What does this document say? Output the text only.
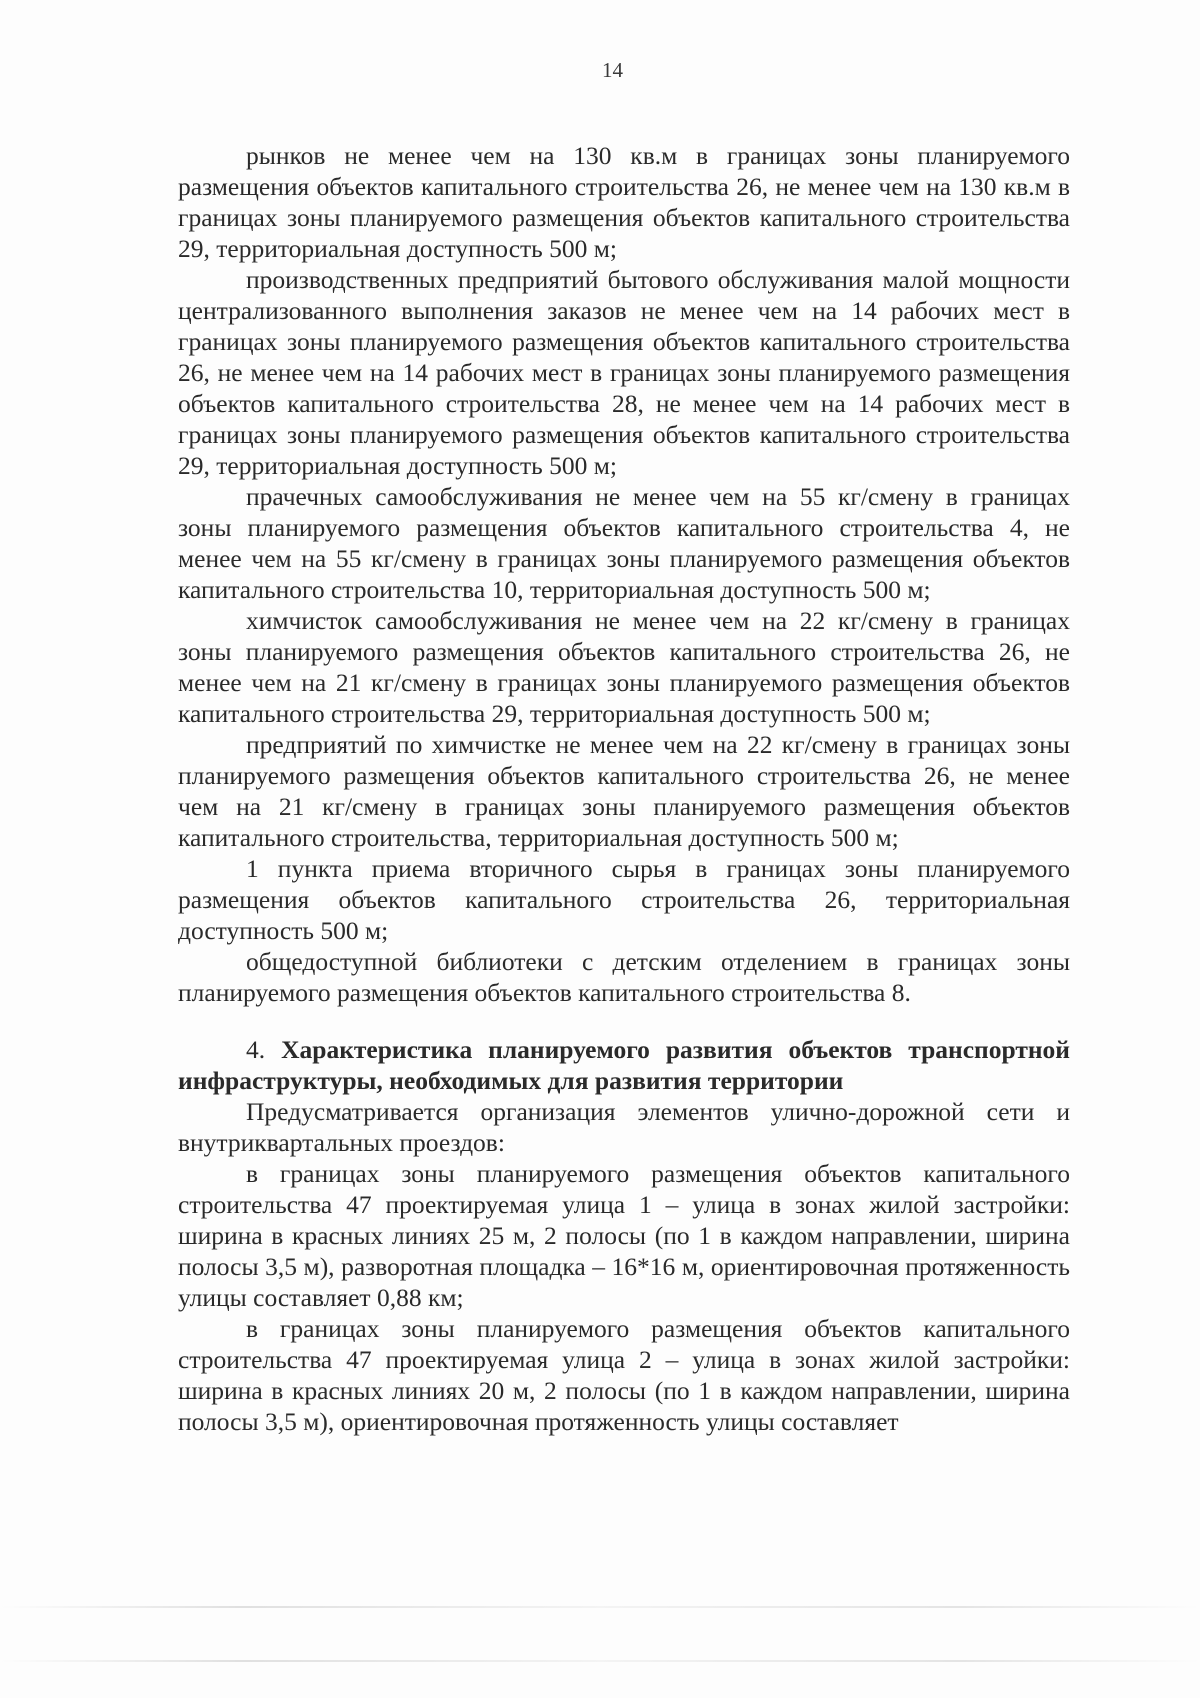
14

рынков не менее чем на 130 кв.м в границах зоны планируемого размещения объектов капитального строительства 26, не менее чем на 130 кв.м в границах зоны планируемого размещения объектов капитального строительства 29, территориальная доступность 500 м;

производственных предприятий бытового обслуживания малой мощности централизованного выполнения заказов не менее чем на 14 рабочих мест в границах зоны планируемого размещения объектов капитального строительства 26, не менее чем на 14 рабочих мест в границах зоны планируемого размещения объектов капитального строительства 28, не менее чем на 14 рабочих мест в границах зоны планируемого размещения объектов капитального строительства 29, территориальная доступность 500 м;

прачечных самообслуживания не менее чем на 55 кг/смену в границах зоны планируемого размещения объектов капитального строительства 4, не менее чем на 55 кг/смену в границах зоны планируемого размещения объектов капитального строительства 10, территориальная доступность 500 м;

химчисток самообслуживания не менее чем на 22 кг/смену в границах зоны планируемого размещения объектов капитального строительства 26, не менее чем на 21 кг/смену в границах зоны планируемого размещения объектов капитального строительства 29, территориальная доступность 500 м;

предприятий по химчистке не менее чем на 22 кг/смену в границах зоны планируемого размещения объектов капитального строительства 26, не менее чем на 21 кг/смену в границах зоны планируемого размещения объектов капитального строительства, территориальная доступность 500 м;

1 пункта приема вторичного сырья в границах зоны планируемого размещения объектов капитального строительства 26, территориальная доступность 500 м;

общедоступной библиотеки с детским отделением в границах зоны планируемого размещения объектов капитального строительства 8.

4. Характеристика планируемого развития объектов транспортной инфраструктуры, необходимых для развития территории

Предусматривается организация элементов улично-дорожной сети и внутриквартальных проездов:

в границах зоны планируемого размещения объектов капитального строительства 47 проектируемая улица 1 – улица в зонах жилой застройки: ширина в красных линиях 25 м, 2 полосы (по 1 в каждом направлении, ширина полосы 3,5 м), разворотная площадка – 16*16 м, ориентировочная протяженность улицы составляет 0,88 км;

в границах зоны планируемого размещения объектов капитального строительства 47 проектируемая улица 2 – улица в зонах жилой застройки: ширина в красных линиях 20 м, 2 полосы (по 1 в каждом направлении, ширина полосы 3,5 м), ориентировочная протяженность улицы составляет
